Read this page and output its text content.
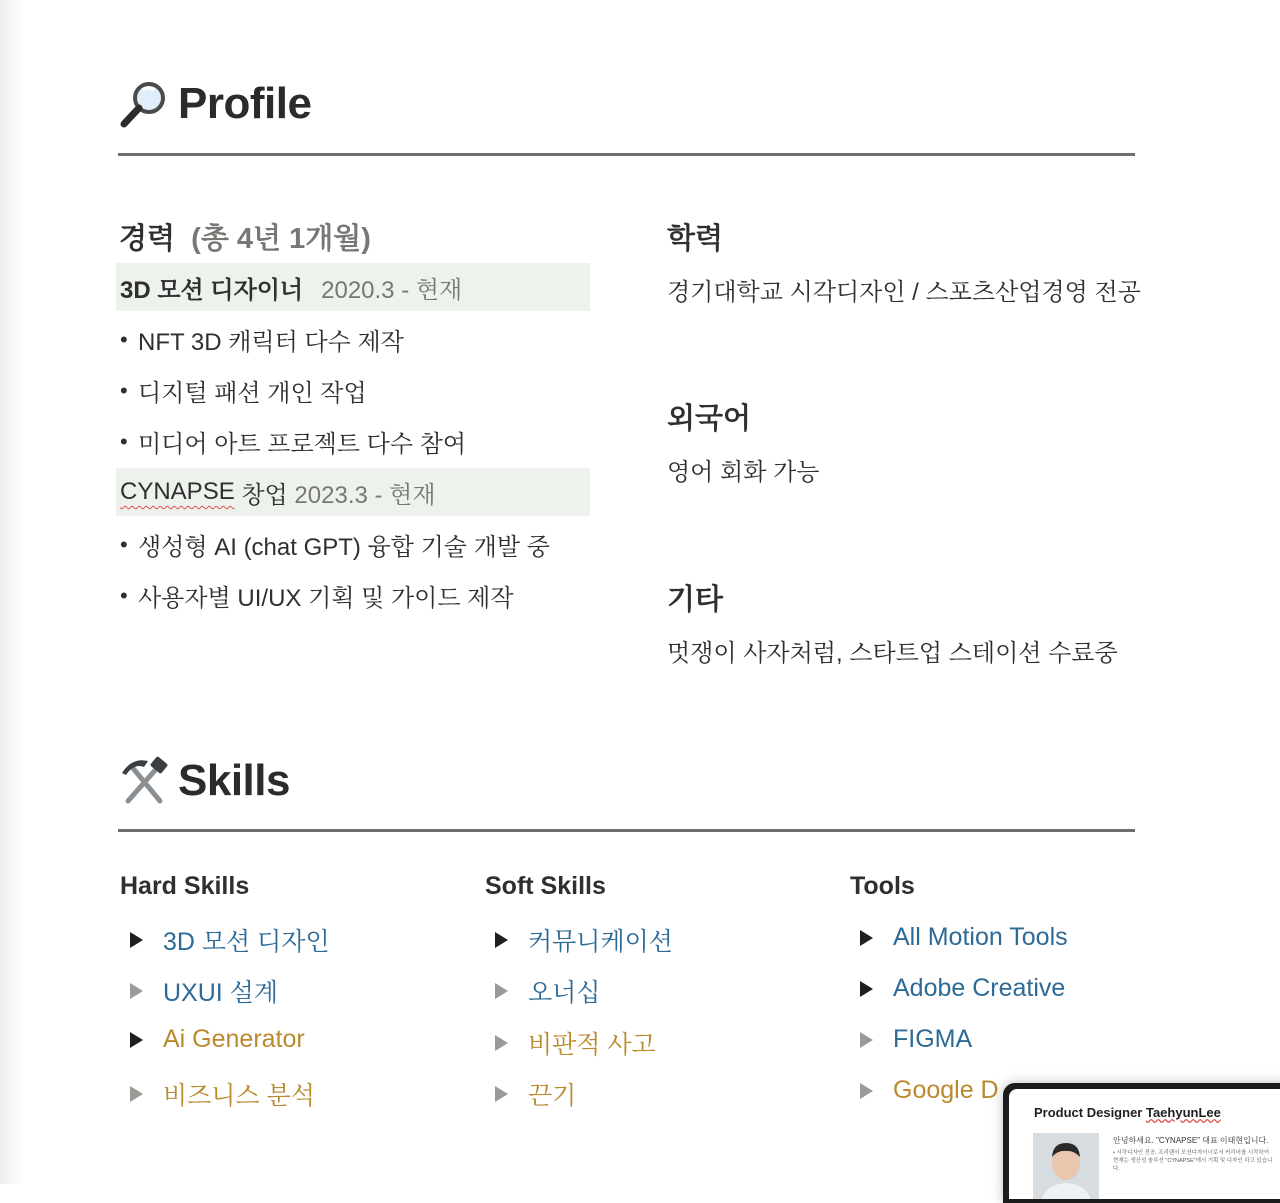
Profile
경력 (총 4년 1개월)
3D 모션 디자이너 2020.3 - 현재
• NFT 3D 캐릭터 다수 제작
• 디지털 패션 개인 작업
• 미디어 아트 프로젝트 다수 참여
CYNAPSE
창업
2023.3 - 현재
• 생성형 AI (chat GPT) 융합 기술 개발 중
• 사용자별 UI/UX 기획 및 가이드 제작
학력
경기대학교 시각디자인 / 스포츠산업경영 전공
외국어
영어 회화 가능
기타
멋쟁이 사자처럼, 스타트업 스테이션 수료중
Skills
Hard Skills	Soft Skills	Tools
3D 모션 디자인
UXUI 설계
Ai Generator
비즈니스 분석
커뮤니케이션
오너십
비판적 사고
끈기
All Motion Tools
Adobe Creative
FIGMA
Google D
Product Designer TaehyunLee
안녕하세요. "CYNAPSE" 대표 이태현입니다.
• 시각디자인 전공, 프리랜서 모션디자이너로서 커리어를 시작하여 현재는 생산성 솔루션 "CYNAPSE"에서 기획 및 디자인 하고 있습니다.
